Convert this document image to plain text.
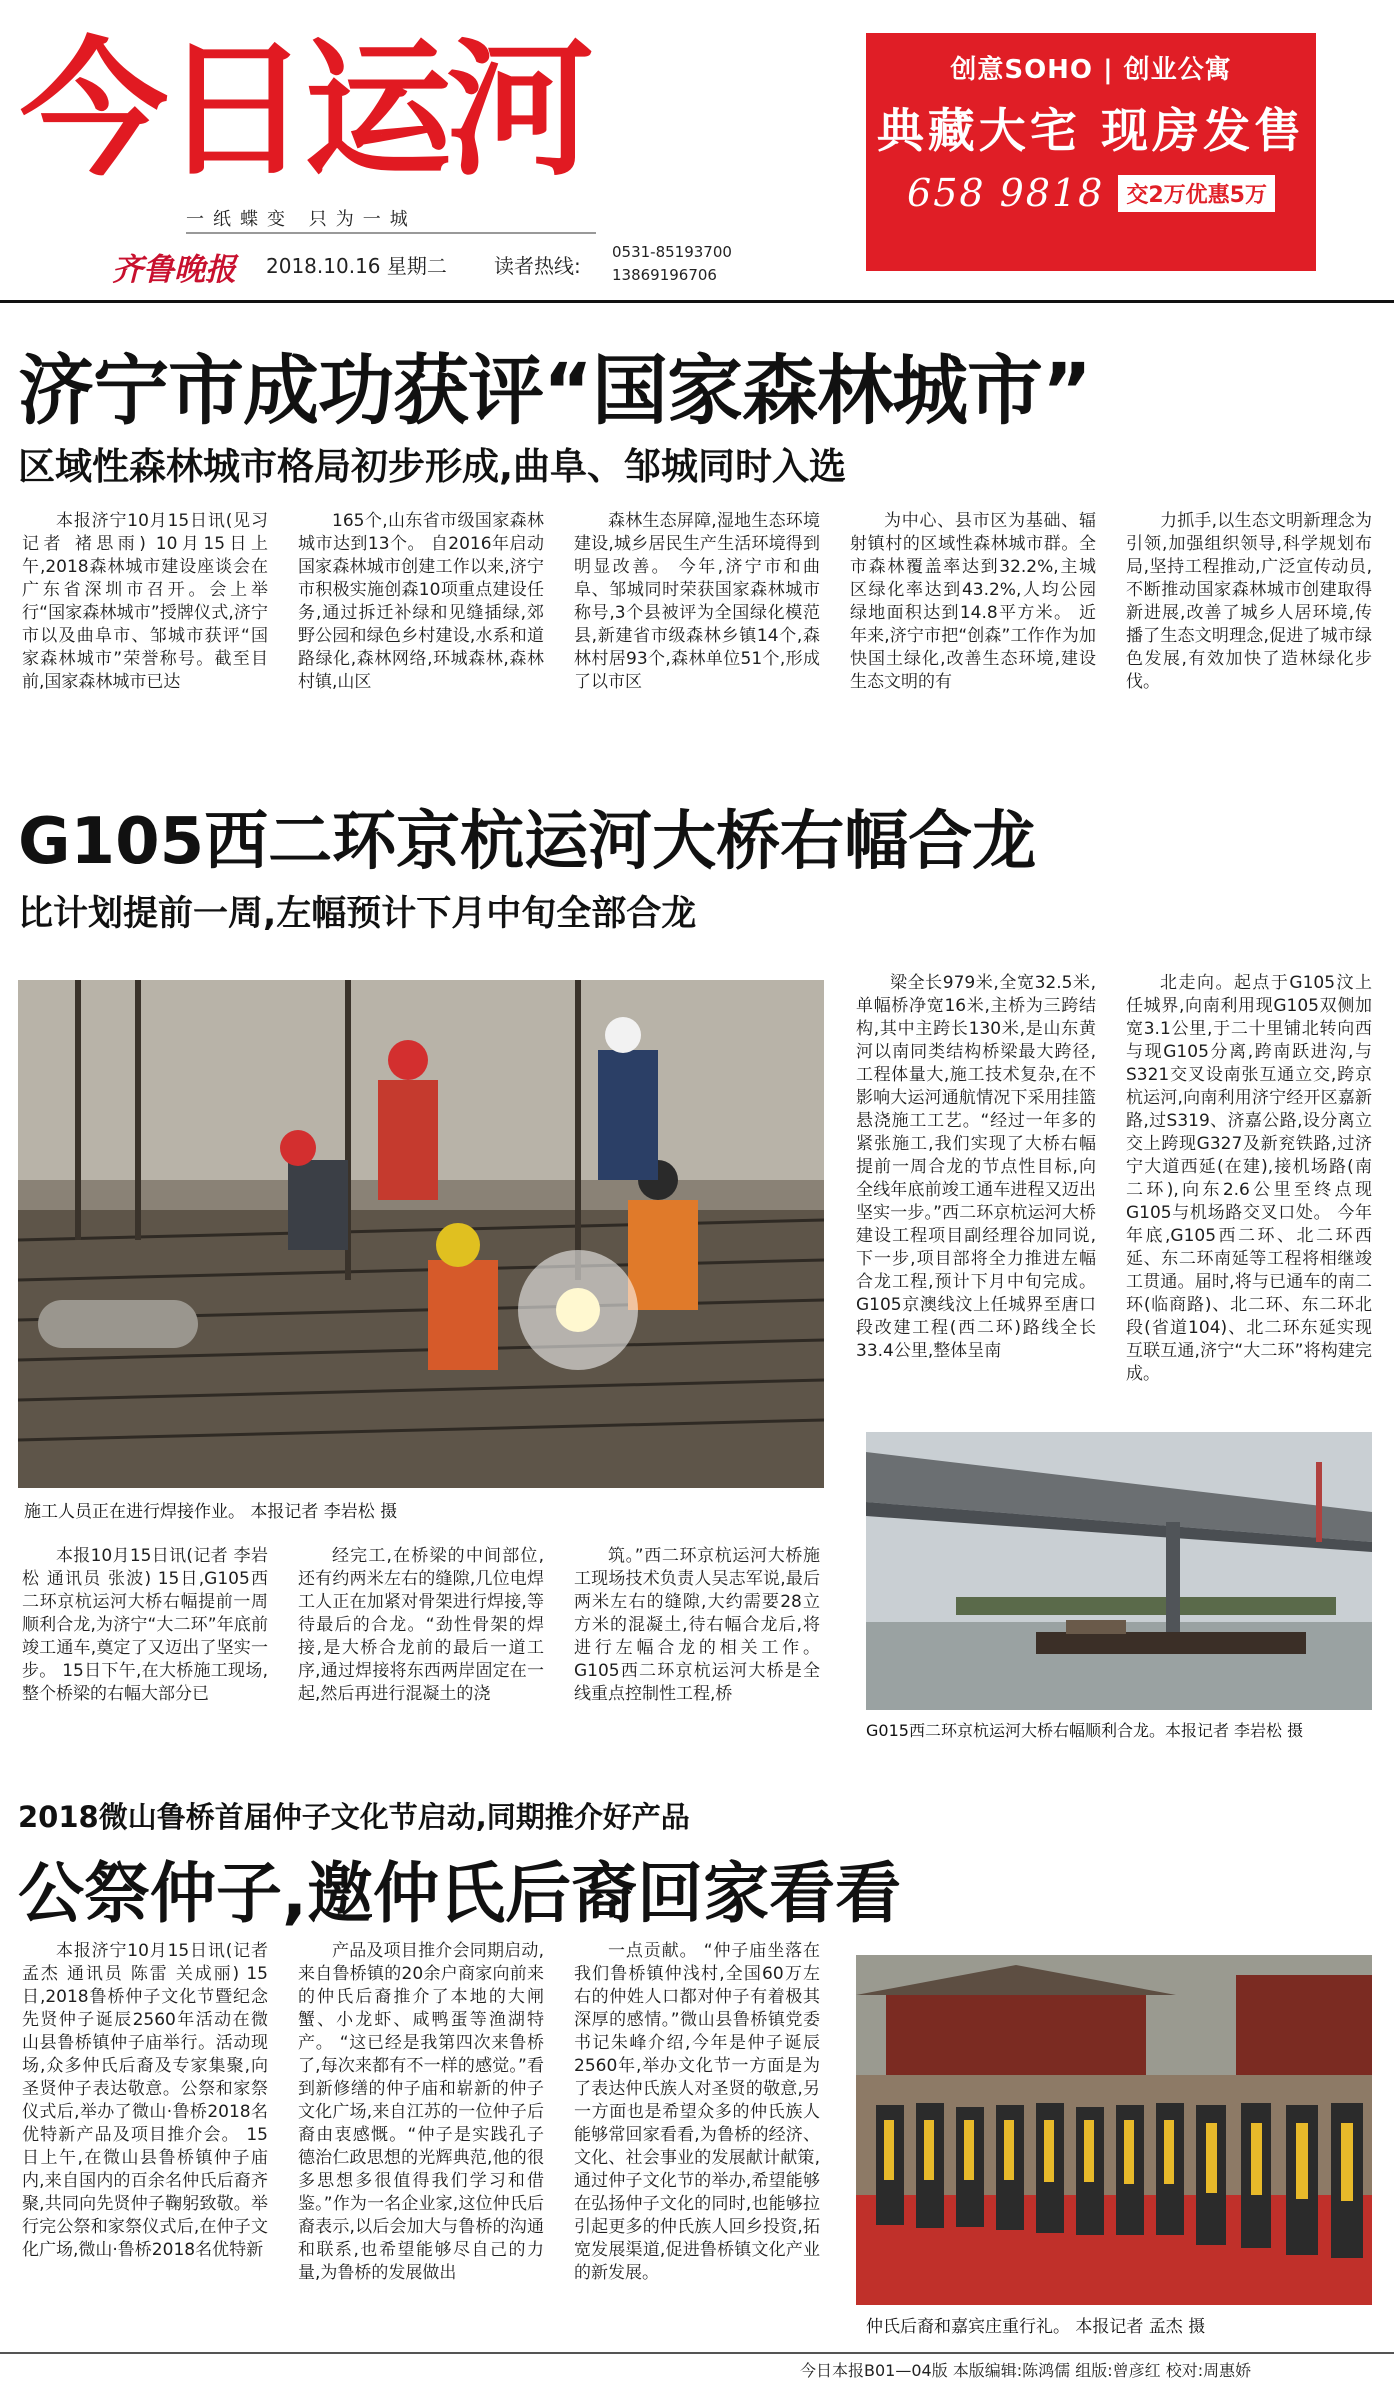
今日运河
一纸蝶变 只为一城
齐鲁晚报 2018.10.16 星期二 读者热线:
0531-85193700
13869196706
创意SOHO | 创业公寓
典藏大宅 现房发售
658 9818	交2万优惠5万
济宁市成功获评“国家森林城市”
区域性森林城市格局初步形成,曲阜、邹城同时入选

本报济宁10月15日讯(见习记者 褚思雨) 10月15日上午,2018森林城市建设座谈会在广东省深圳市召开。会上举行“国家森林城市”授牌仪式,济宁市以及曲阜市、邹城市获评“国家森林城市”荣誉称号。截至目前,国家森林城市已达

165个,山东省市级国家森林城市达到13个。 自2016年启动国家森林城市创建工作以来,济宁市积极实施创森10项重点建设任务,通过拆迁补绿和见缝插绿,郊野公园和绿色乡村建设,水系和道路绿化,森林网络,环城森林,森林村镇,山区

森林生态屏障,湿地生态环境建设,城乡居民生产生活环境得到明显改善。 今年,济宁市和曲阜、邹城同时荣获国家森林城市称号,3个县被评为全国绿化模范县,新建省市级森林乡镇14个,森林村居93个,森林单位51个,形成了以市区

为中心、县市区为基础、辐射镇村的区域性森林城市群。全市森林覆盖率达到32.2%,主城区绿化率达到43.2%,人均公园绿地面积达到14.8平方米。 近年来,济宁市把“创森”工作作为加快国土绿化,改善生态环境,建设生态文明的有

力抓手,以生态文明新理念为引领,加强组织领导,科学规划布局,坚持工程推动,广泛宣传动员,不断推动国家森林城市创建取得新进展,改善了城乡人居环境,传播了生态文明理念,促进了城市绿色发展,有效加快了造林绿化步伐。

G105西二环京杭运河大桥右幅合龙
比计划提前一周,左幅预计下月中旬全部合龙
施工人员正在进行焊接作业。 本报记者 李岩松 摄

梁全长979米,全宽32.5米,单幅桥净宽16米,主桥为三跨结构,其中主跨长130米,是山东黄河以南同类结构桥梁最大跨径,工程体量大,施工技术复杂,在不影响大运河通航情况下采用挂篮悬浇施工工艺。“经过一年多的紧张施工,我们实现了大桥右幅提前一周合龙的节点性目标,向全线年底前竣工通车进程又迈出坚实一步。”西二环京杭运河大桥建设工程项目副经理谷加同说,下一步,项目部将全力推进左幅合龙工程,预计下月中旬完成。 G105京澳线汶上任城界至唐口段改建工程(西二环)路线全长33.4公里,整体呈南

北走向。起点于G105汶上任城界,向南利用现G105双侧加宽3.1公里,于二十里铺北转向西与现G105分离,跨南跃进沟,与S321交叉设南张互通立交,跨京杭运河,向南利用济宁经开区嘉新路,过S319、济嘉公路,设分离立交上跨现G327及新兖铁路,过济宁大道西延(在建),接机场路(南二环),向东2.6公里至终点现G105与机场路交叉口处。 今年年底,G105西二环、北二环西延、东二环南延等工程将相继竣工贯通。届时,将与已通车的南二环(临商路)、北二环、东二环北段(省道104)、北二环东延实现互联互通,济宁“大二环”将构建完成。

本报10月15日讯(记者 李岩松 通讯员 张波) 15日,G105西二环京杭运河大桥右幅提前一周顺利合龙,为济宁“大二环”年底前竣工通车,奠定了又迈出了坚实一步。 15日下午,在大桥施工现场,整个桥梁的右幅大部分已

经完工,在桥梁的中间部位,还有约两米左右的缝隙,几位电焊工人正在加紧对骨架进行焊接,等待最后的合龙。“劲性骨架的焊接,是大桥合龙前的最后一道工序,通过焊接将东西两岸固定在一起,然后再进行混凝土的浇

筑。”西二环京杭运河大桥施工现场技术负责人吴志军说,最后两米左右的缝隙,大约需要28立方米的混凝土,待右幅合龙后,将进行左幅合龙的相关工作。 G105西二环京杭运河大桥是全线重点控制性工程,桥

G015西二环京杭运河大桥右幅顺利合龙。本报记者 李岩松 摄
2018微山鲁桥首届仲子文化节启动,同期推介好产品
公祭仲子,邀仲氏后裔回家看看

本报济宁10月15日讯(记者 孟杰 通讯员 陈雷 关成丽) 15日,2018鲁桥仲子文化节暨纪念先贤仲子诞辰2560年活动在微山县鲁桥镇仲子庙举行。活动现场,众多仲氏后裔及专家集聚,向圣贤仲子表达敬意。公祭和家祭仪式后,举办了微山·鲁桥2018名优特新产品及项目推介会。 15日上午,在微山县鲁桥镇仲子庙内,来自国内的百余名仲氏后裔齐聚,共同向先贤仲子鞠躬致敬。举行完公祭和家祭仪式后,在仲子文化广场,微山·鲁桥2018名优特新

产品及项目推介会同期启动,来自鲁桥镇的20余户商家向前来的仲氏后裔推介了本地的大闸蟹、小龙虾、咸鸭蛋等渔湖特产。 “这已经是我第四次来鲁桥了,每次来都有不一样的感觉。”看到新修缮的仲子庙和崭新的仲子文化广场,来自江苏的一位仲子后裔由衷感慨。“仲子是实践孔子德治仁政思想的光辉典范,他的很多思想多很值得我们学习和借鉴。”作为一名企业家,这位仲氏后裔表示,以后会加大与鲁桥的沟通和联系,也希望能够尽自己的力量,为鲁桥的发展做出

一点贡献。 “仲子庙坐落在我们鲁桥镇仲浅村,全国60万左右的仲姓人口都对仲子有着极其深厚的感情。”微山县鲁桥镇党委书记朱峰介绍,今年是仲子诞辰2560年,举办文化节一方面是为了表达仲氏族人对圣贤的敬意,另一方面也是希望众多的仲氏族人能够常回家看看,为鲁桥的经济、文化、社会事业的发展献计献策,通过仲子文化节的举办,希望能够在弘扬仲子文化的同时,也能够拉引起更多的仲氏族人回乡投资,拓宽发展渠道,促进鲁桥镇文化产业的新发展。

仲氏后裔和嘉宾庄重行礼。 本报记者 孟杰 摄
今日本报B01—04版 本版编辑:陈鸿儒 组版:曾彦红 校对:周惠娇
